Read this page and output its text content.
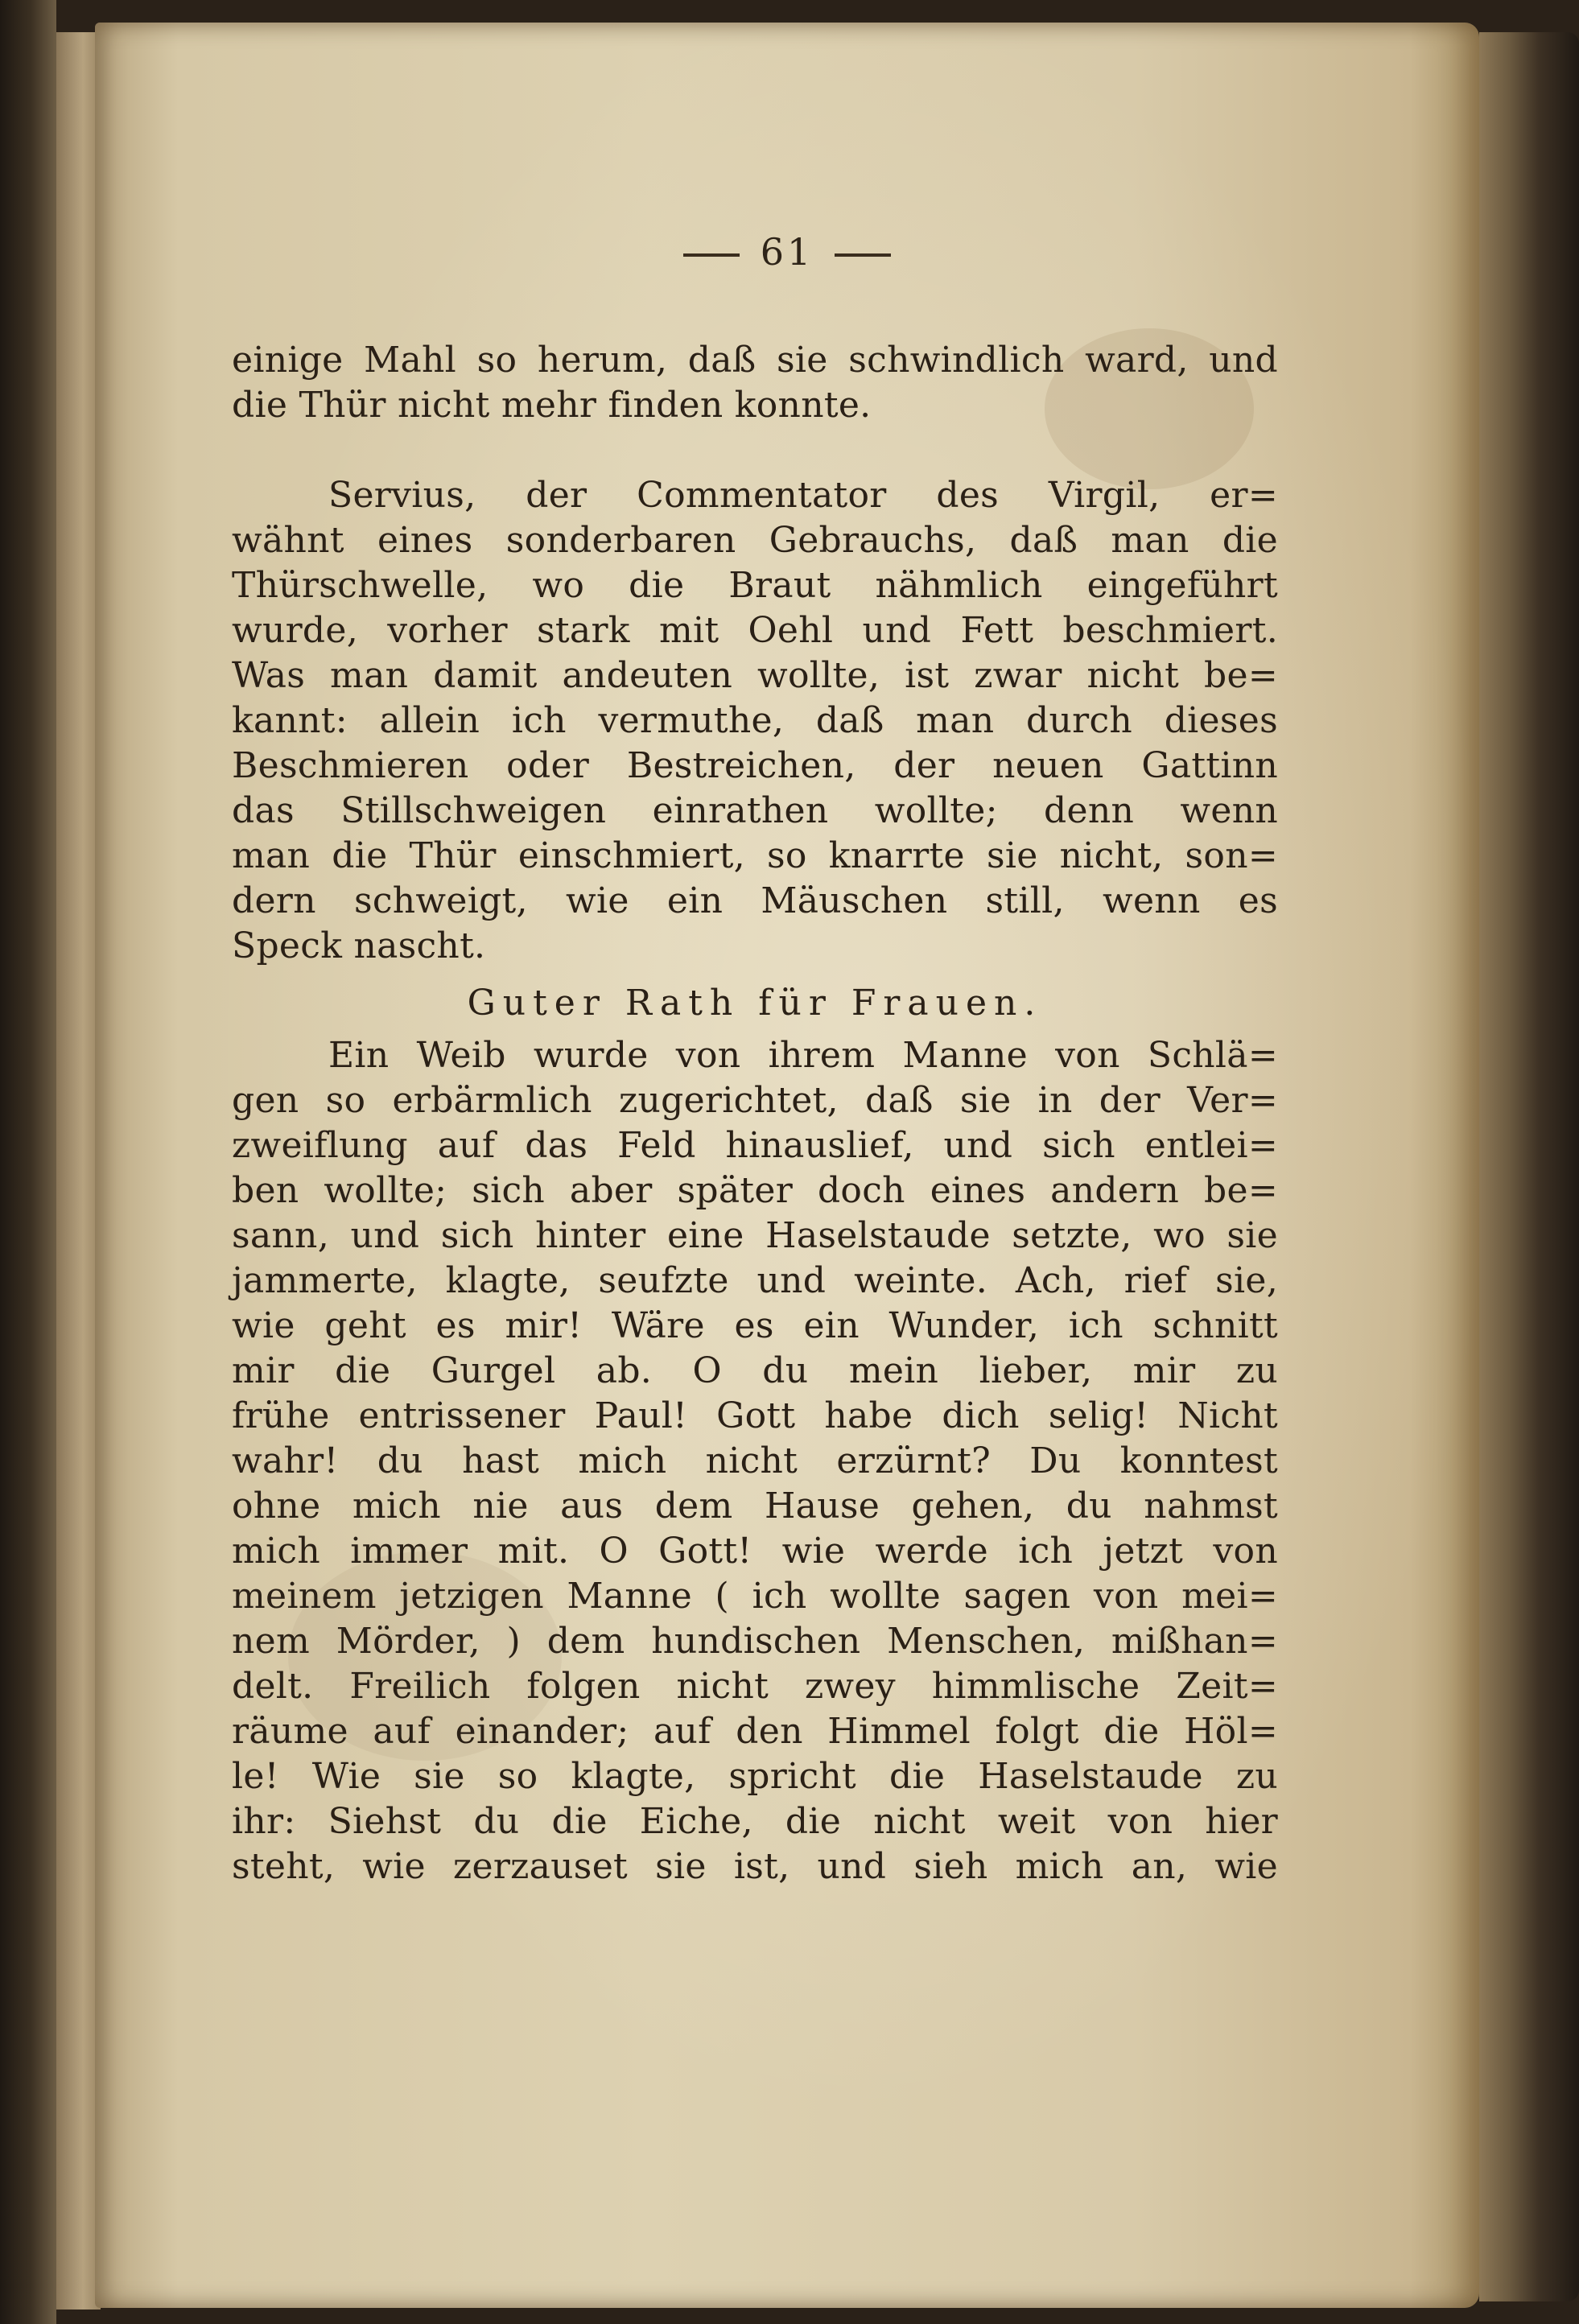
61
einige Mahl so herum, daß sie schwindlich ward, und
die Thür nicht mehr finden konnte.
Servius, der Commentator des Virgil, er=
wähnt eines sonderbaren Gebrauchs, daß man die
Thürschwelle, wo die Braut nähmlich eingeführt
wurde, vorher stark mit Oehl und Fett beschmiert.
Was man damit andeuten wollte, ist zwar nicht be=
kannt: allein ich vermuthe, daß man durch dieses
Beschmieren oder Bestreichen, der neuen Gattinn
das Stillschweigen einrathen wollte; denn wenn
man die Thür einschmiert, so knarrte sie nicht, son=
dern schweigt, wie ein Mäuschen still, wenn es
Speck nascht.
Guter Rath für Frauen.
Ein Weib wurde von ihrem Manne von Schlä=
gen so erbärmlich zugerichtet, daß sie in der Ver=
zweiflung auf das Feld hinauslief, und sich entlei=
ben wollte; sich aber später doch eines andern be=
sann, und sich hinter eine Haselstaude setzte, wo sie
jammerte, klagte, seufzte und weinte. Ach, rief sie,
wie geht es mir! Wäre es ein Wunder, ich schnitt
mir die Gurgel ab. O du mein lieber, mir zu
frühe entrissener Paul! Gott habe dich selig! Nicht
wahr! du hast mich nicht erzürnt? Du konntest
ohne mich nie aus dem Hause gehen, du nahmst
mich immer mit. O Gott! wie werde ich jetzt von
meinem jetzigen Manne ( ich wollte sagen von mei=
nem Mörder, ) dem hundischen Menschen, mißhan=
delt. Freilich folgen nicht zwey himmlische Zeit=
räume auf einander; auf den Himmel folgt die Höl=
le! Wie sie so klagte, spricht die Haselstaude zu
ihr: Siehst du die Eiche, die nicht weit von hier
steht, wie zerzauset sie ist, und sieh mich an, wie
